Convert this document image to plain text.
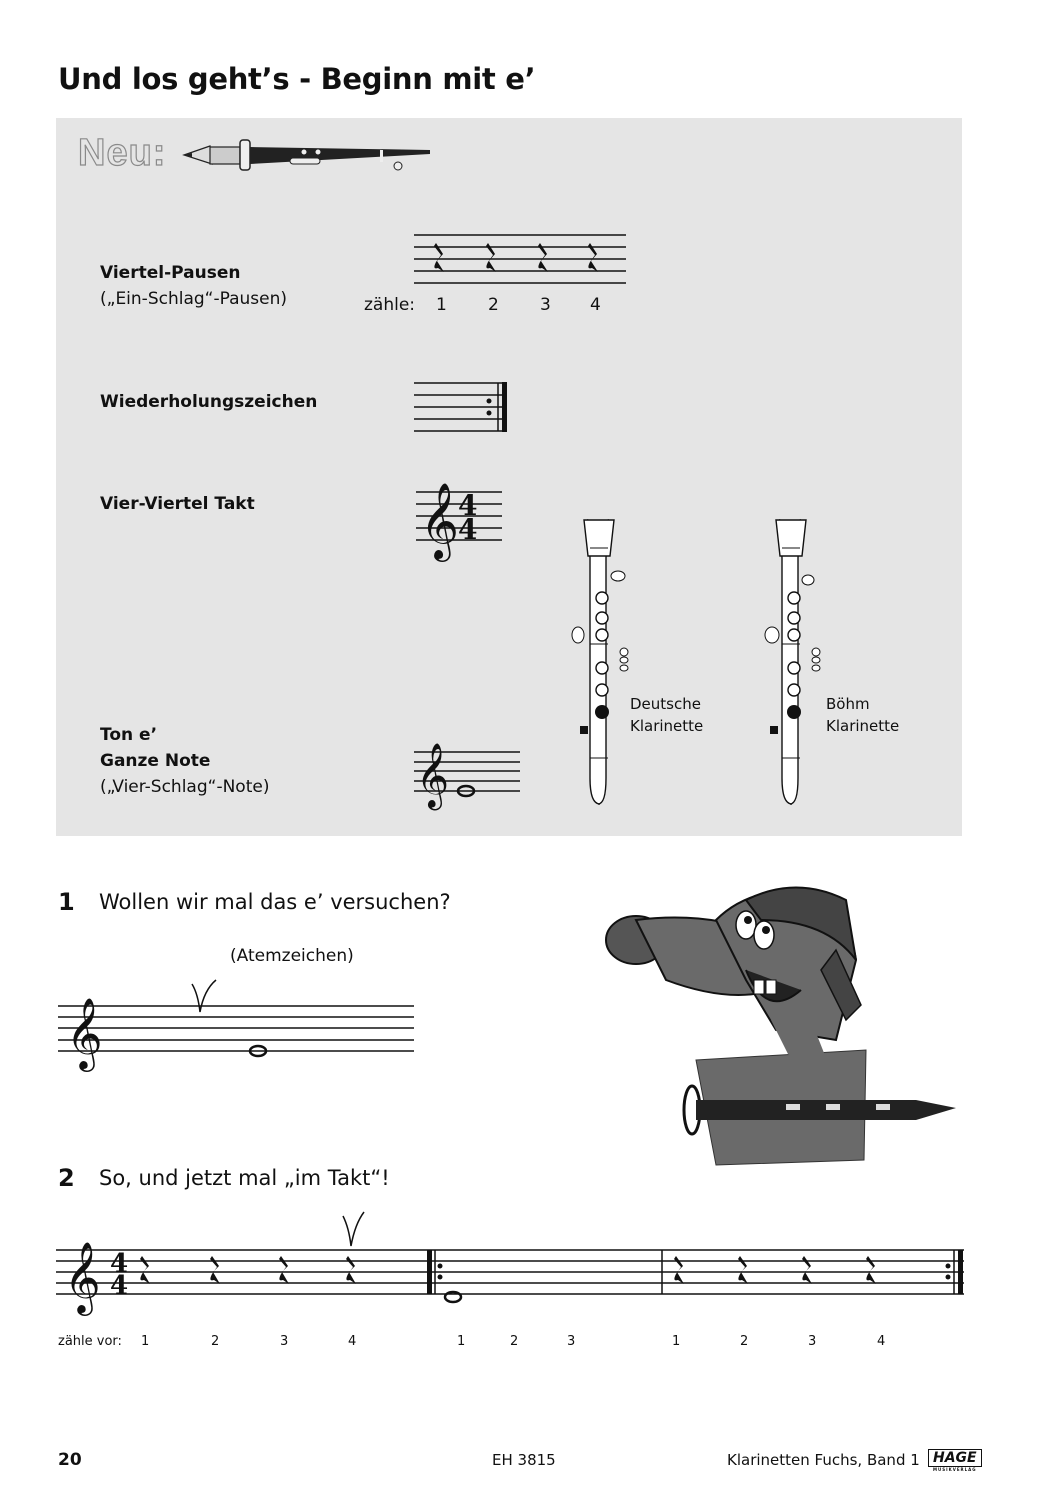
Und los geht’s - Beginn mit e’
Neu:
Viertel-Pausen
(„Ein-Schlag“-Pausen)	zähle: 1 2 3 4
Wiederholungszeichen
Vier-Viertel Takt	𝄞
4
4
Ton e’
Ganze Note
(„Vier-Schlag“-Note)	𝄞
Deutsche
Klarinette
Böhm
Klarinette
1 Wollen wir mal das e’ versuchen?
(Atemzeichen)
𝄞
2 So, und jetzt mal „im Takt“!
𝄞 4
4
zähle vor: 1	2	3	4	1	2	3	1	2	3	4
20	EH 3815	Klarinetten Fuchs, Band 1 HAGE
MUSIKVERLAG
